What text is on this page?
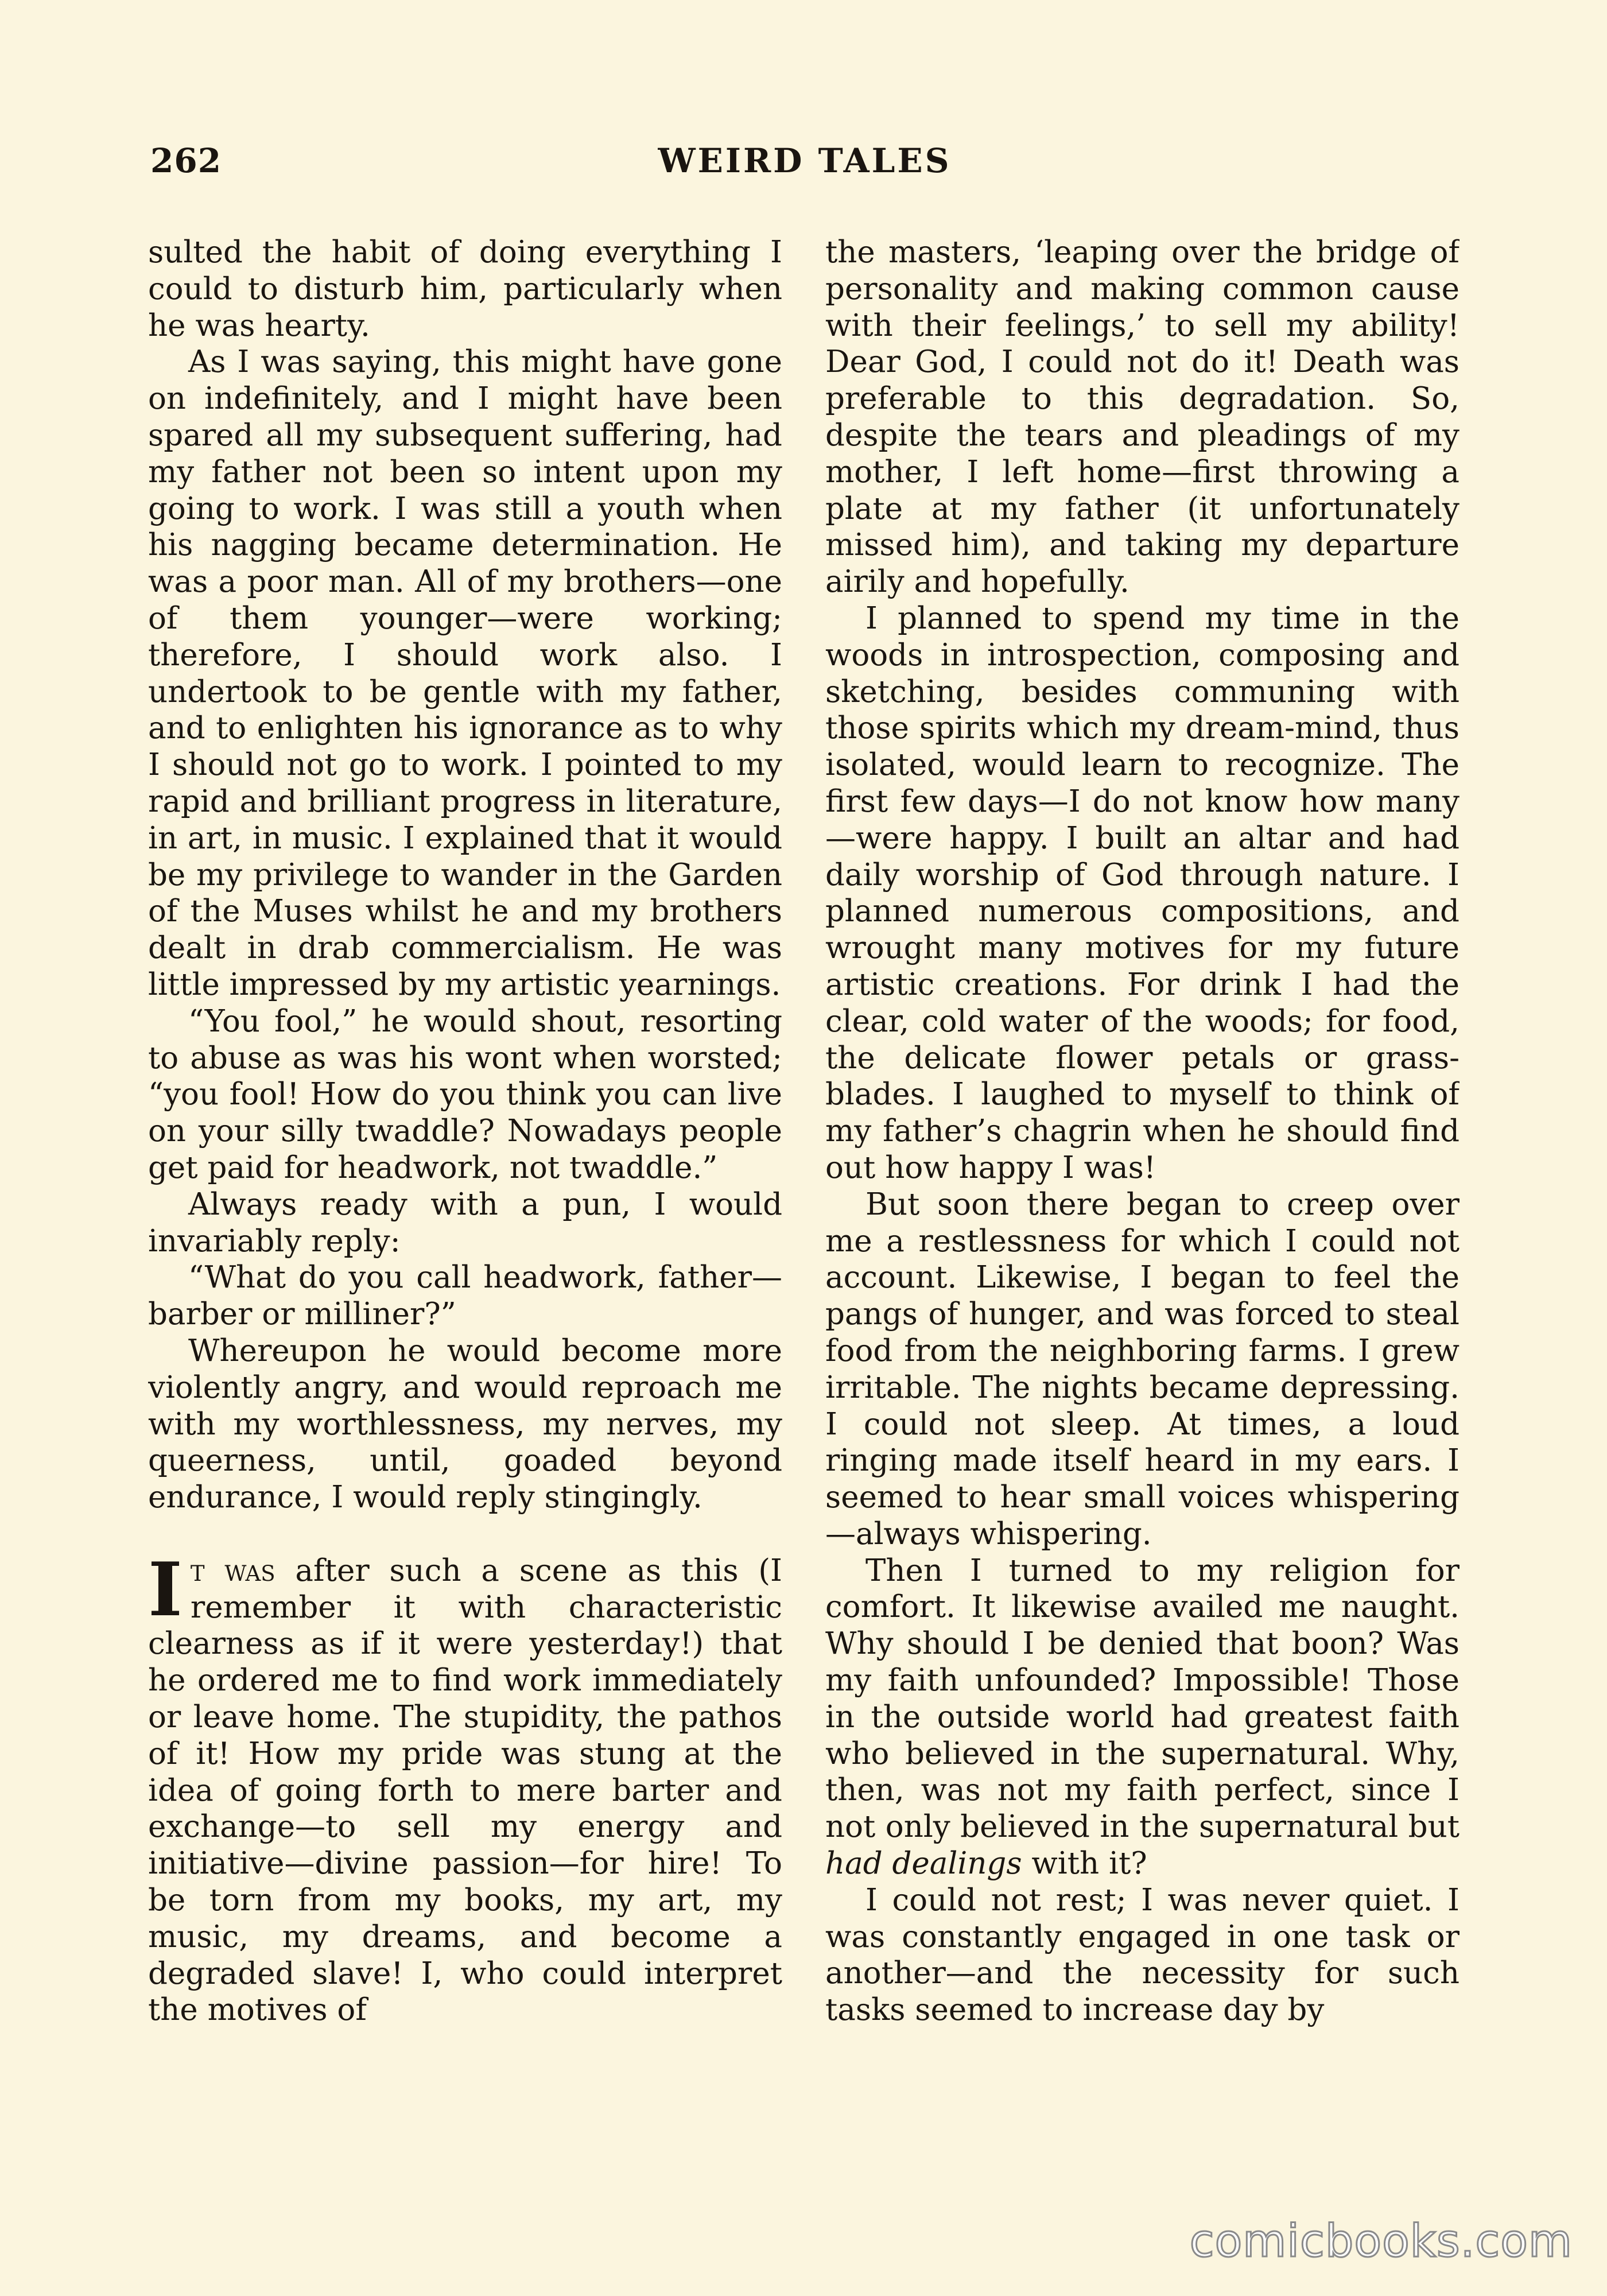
262	WEIRD TALES

sulted the habit of doing everything I could to disturb him, particularly when he was hearty.

As I was saying, this might have gone on indefinitely, and I might have been spared all my subsequent suffering, had my father not been so intent upon my going to work. I was still a youth when his nagging became determination. He was a poor man. All of my brothers—one of them younger—were working; therefore, I should work also. I undertook to be gentle with my father, and to enlighten his ignorance as to why I should not go to work. I pointed to my rapid and brilliant progress in literature, in art, in music. I explained that it would be my privilege to wander in the Garden of the Muses whilst he and my brothers dealt in drab commercialism. He was little impressed by my artistic yearnings.

“You fool,” he would shout, resorting to abuse as was his wont when worsted; “you fool! How do you think you can live on your silly twaddle? Nowadays people get paid for headwork, not twaddle.”

Always ready with a pun, I would invariably reply:

“What do you call headwork, father—barber or milliner?”

Whereupon he would become more violently angry, and would reproach me with my worthlessness, my nerves, my queerness, until, goaded beyond endurance, I would reply stingingly.

It was after such a scene as this (I remember it with characteristic clearness as if it were yesterday!) that he ordered me to find work immediately or leave home. The stupidity, the pathos of it! How my pride was stung at the idea of going forth to mere barter and exchange—to sell my energy and initiative—divine passion—for hire! To be torn from my books, my art, my music, my dreams, and become a degraded slave! I, who could interpret the motives of

the masters, ‘leaping over the bridge of personality and making common cause with their feelings,’ to sell my ability! Dear God, I could not do it! Death was preferable to this degradation. So, despite the tears and pleadings of my mother, I left home—first throwing a plate at my father (it unfortunately missed him), and taking my departure airily and hopefully.

I planned to spend my time in the woods in introspection, composing and sketching, besides communing with those spirits which my dream-mind, thus isolated, would learn to recognize. The first few days—I do not know how many—were happy. I built an altar and had daily worship of God through nature. I planned numerous compositions, and wrought many motives for my future artistic creations. For drink I had the clear, cold water of the woods; for food, the delicate flower petals or grass-blades. I laughed to myself to think of my father’s chagrin when he should find out how happy I was!

But soon there began to creep over me a restlessness for which I could not account. Likewise, I began to feel the pangs of hunger, and was forced to steal food from the neighboring farms. I grew irritable. The nights became depressing. I could not sleep. At times, a loud ringing made itself heard in my ears. I seemed to hear small voices whispering—always whispering.

Then I turned to my religion for comfort. It likewise availed me naught. Why should I be denied that boon? Was my faith unfounded? Impossible! Those in the outside world had greatest faith who believed in the supernatural. Why, then, was not my faith perfect, since I not only believed in the supernatural but had dealings with it?

I could not rest; I was never quiet. I was constantly engaged in one task or another—and the necessity for such tasks seemed to increase day by

comicbooks.com
